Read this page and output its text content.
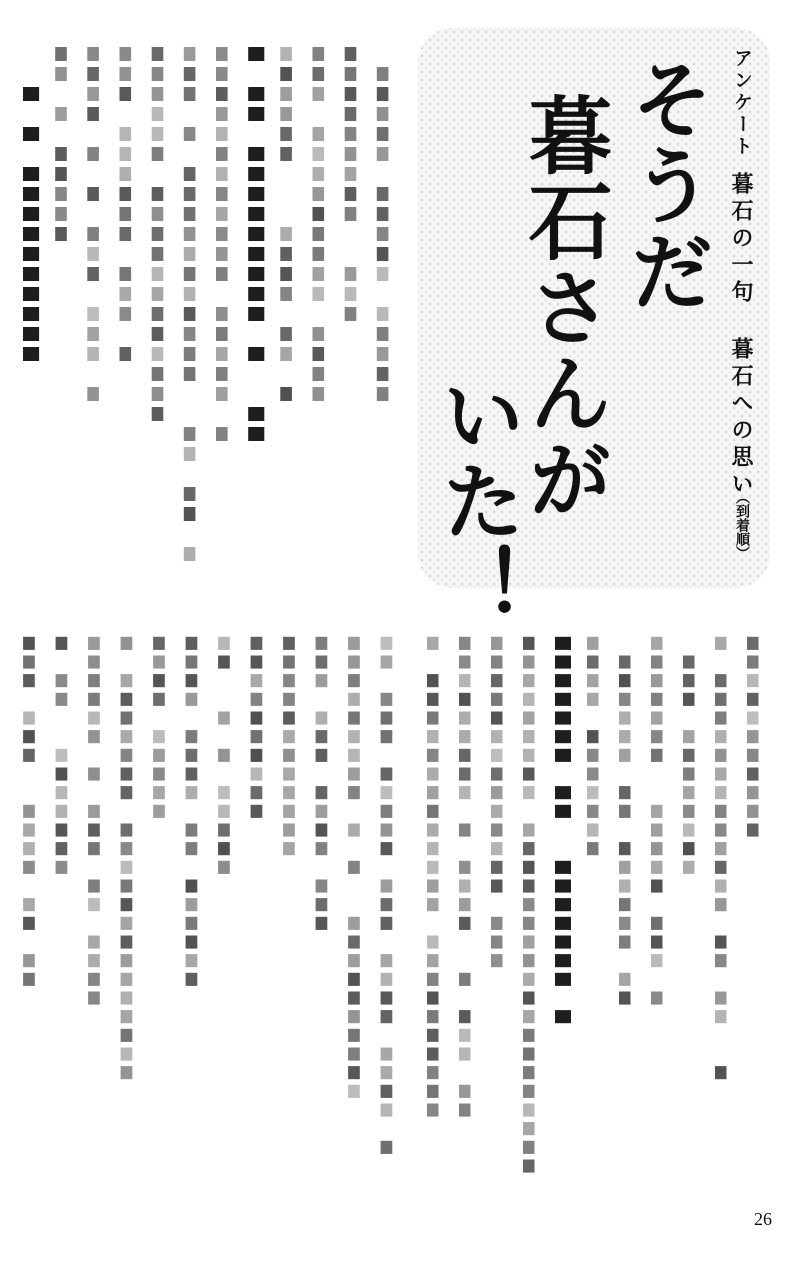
アンケート

暮石の一句 暮石への思い

（到着順）

そうだ
暮石さんが
いた！
26
